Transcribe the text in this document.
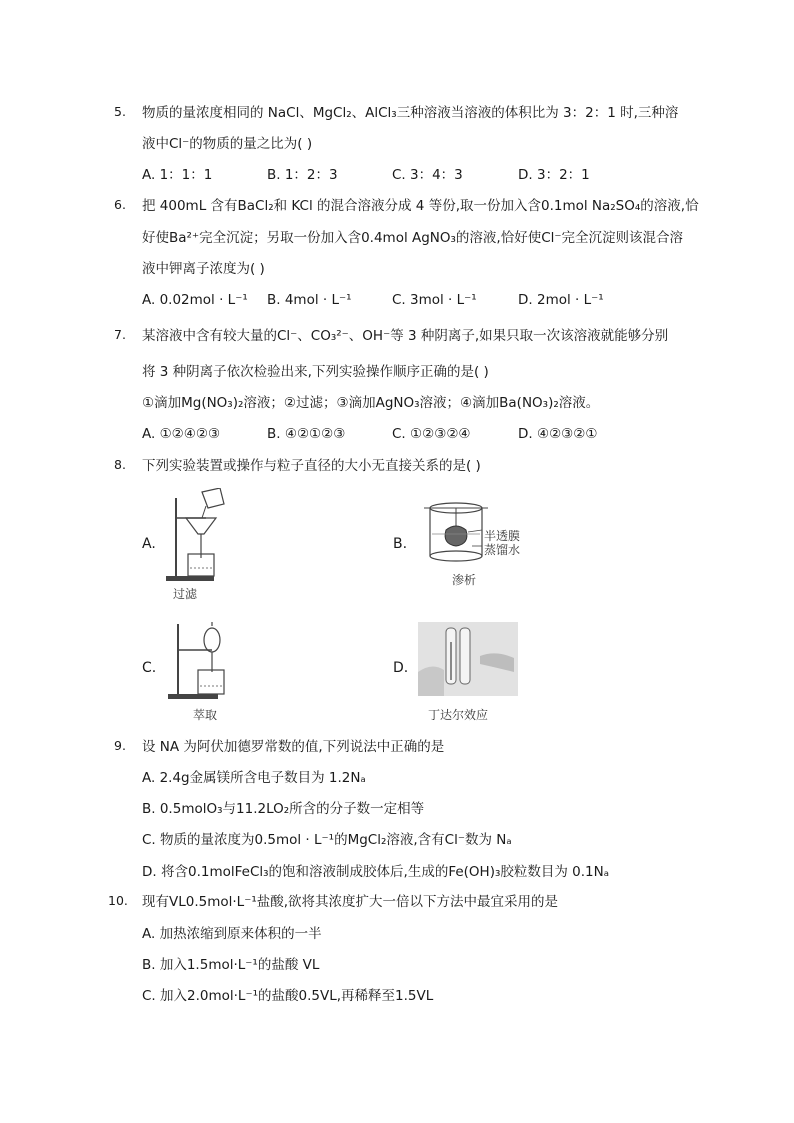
5.	物质的量浓度相同的 NaCl、MgCl₂、AlCl₃三种溶液当溶液的体积比为 3：2：1 时,三种溶
液中Cl⁻的物质的量之比为( )
A. 1：1：1	B. 1：2：3	C. 3：4：3	D. 3：2：1
6.	把 400mL 含有BaCl₂和 KCl 的混合溶液分成 4 等份,取一份加入含0.1mol Na₂SO₄的溶液,恰
好使Ba²⁺完全沉淀；另取一份加入含0.4mol AgNO₃的溶液,恰好使Cl⁻完全沉淀则该混合溶
液中钾离子浓度为( )
A. 0.02mol · L⁻¹ B. 4mol · L⁻¹	C. 3mol · L⁻¹	D. 2mol · L⁻¹
7.	某溶液中含有较大量的Cl⁻、CO₃²⁻、OH⁻等 3 种阴离子,如果只取一次该溶液就能够分别
将 3 种阴离子依次检验出来,下列实验操作顺序正确的是( )
①滴加Mg(NO₃)₂溶液；②过滤；③滴加AgNO₃溶液；④滴加Ba(NO₃)₂溶液。
A. ①②④②③	B. ④②①②③	C. ①②③②④	D. ④②③②①
8.	下列实验装置或操作与粒子直径的大小无直接关系的是( )
A.
过滤
B.	半透膜
蒸馏水
渗析
C.
萃取
D.
丁达尔效应
9.	设 NA 为阿伏加德罗常数的值,下列说法中正确的是
A. 2.4g金属镁所含电子数目为 1.2Nₐ
B. 0.5molO₃与11.2LO₂所含的分子数一定相等
C. 物质的量浓度为0.5mol · L⁻¹的MgCl₂溶液,含有Cl⁻数为 Nₐ
D. 将含0.1molFeCl₃的饱和溶液制成胶体后,生成的Fe(OH)₃胶粒数目为 0.1Nₐ
10.	现有VL0.5mol·L⁻¹盐酸,欲将其浓度扩大一倍以下方法中最宜采用的是
A. 加热浓缩到原来体积的一半
B. 加入1.5mol·L⁻¹的盐酸 VL
C. 加入2.0mol·L⁻¹的盐酸0.5VL,再稀释至1.5VL
